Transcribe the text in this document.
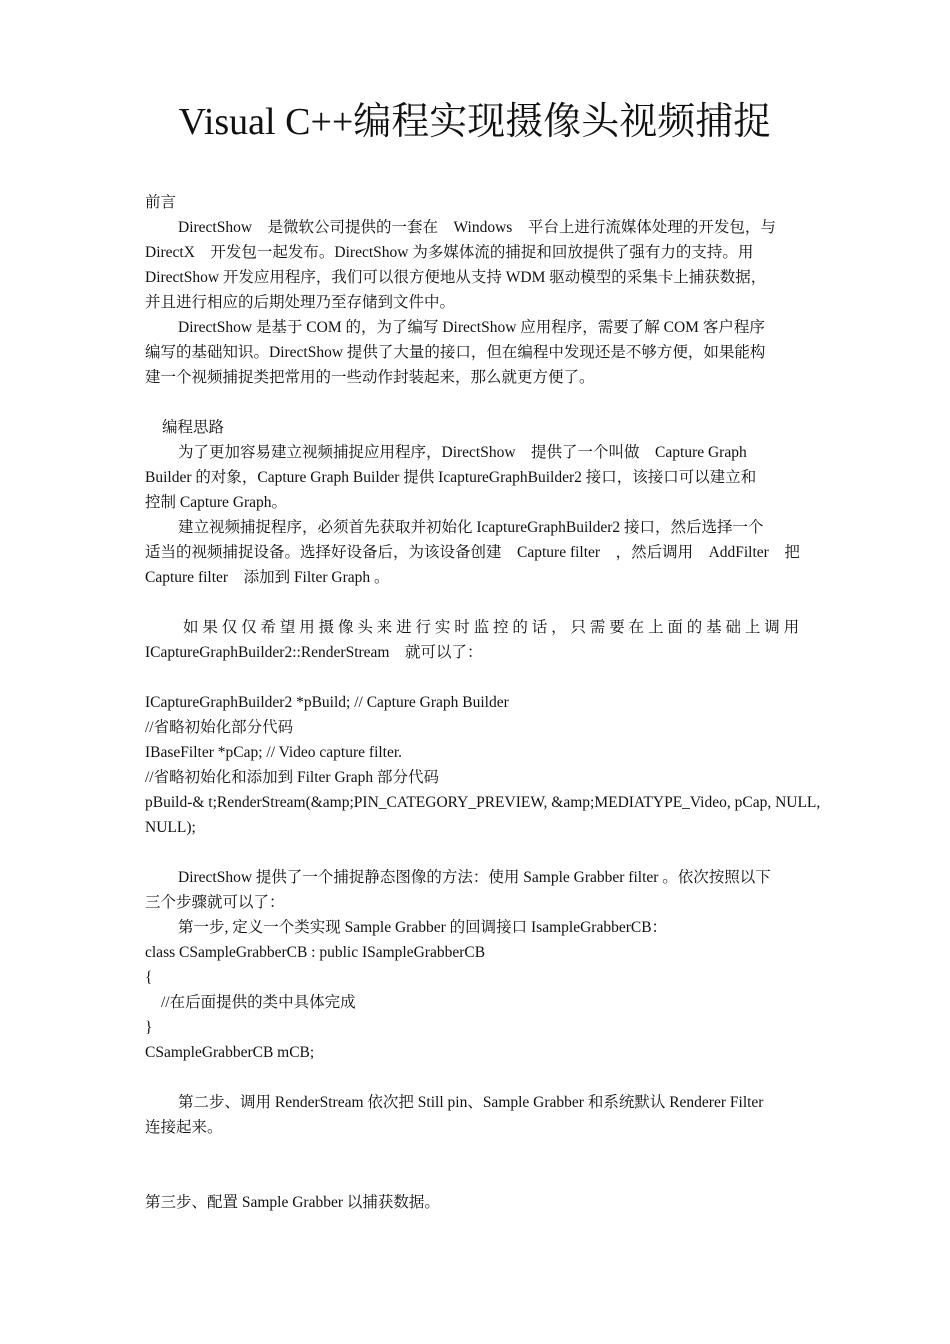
Visual C++编程实现摄像头视频捕捉
前言
DirectShow　是微软公司提供的一套在　Windows　平台上进行流媒体处理的开发包，与
DirectX　开发包一起发布。DirectShow 为多媒体流的捕捉和回放提供了强有力的支持。用
DirectShow 开发应用程序，我们可以很方便地从支持 WDM 驱动模型的采集卡上捕获数据，
并且进行相应的后期处理乃至存储到文件中。
DirectShow 是基于 COM 的，为了编写 DirectShow 应用程序，需要了解 COM 客户程序
编写的基础知识。DirectShow 提供了大量的接口，但在编程中发现还是不够方便，如果能构
建一个视频捕捉类把常用的一些动作封装起来，那么就更方便了。
编程思路
为了更加容易建立视频捕捉应用程序，DirectShow　提供了一个叫做　Capture Graph
Builder 的对象，Capture Graph Builder 提供 IcaptureGraphBuilder2 接口，该接口可以建立和
控制 Capture Graph。
建立视频捕捉程序，必须首先获取并初始化 IcaptureGraphBuilder2 接口，然后选择一个
适当的视频捕捉设备。选择好设备后，为该设备创建　Capture filter　，然后调用　AddFilter　把
Capture filter　添加到 Filter Graph 。
如 果 仅 仅 希 望 用 摄 像 头 来 进 行 实 时 监 控 的 话 ， 只 需 要 在 上 面 的 基 础 上 调 用
ICaptureGraphBuilder2::RenderStream　就可以了：
ICaptureGraphBuilder2 *pBuild; // Capture Graph Builder
//省略初始化部分代码
IBaseFilter *pCap; // Video capture filter.
//省略初始化和添加到 Filter Graph 部分代码
pBuild-& t;RenderStream(&amp;PIN_CATEGORY_PREVIEW, &amp;MEDIATYPE_Video, pCap, NULL,
NULL);
DirectShow 提供了一个捕捉静态图像的方法：使用 Sample Grabber filter 。依次按照以下
三个步骤就可以了：
第一步, 定义一个类实现 Sample Grabber 的回调接口 IsampleGrabberCB：
class CSampleGrabberCB : public ISampleGrabberCB
{
//在后面提供的类中具体完成
}
CSampleGrabberCB mCB;
第二步、调用 RenderStream 依次把 Still pin、Sample Grabber 和系统默认 Renderer Filter
连接起来。
第三步、配置 Sample Grabber 以捕获数据。
